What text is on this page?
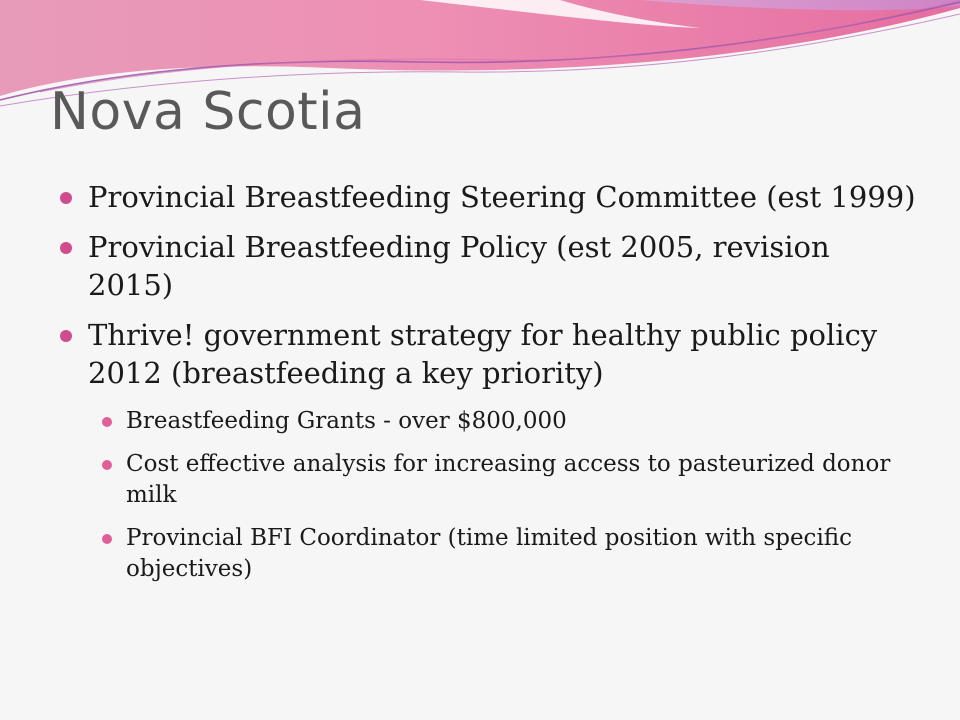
Nova Scotia
Provincial Breastfeeding Steering Committee (est 1999)
Provincial Breastfeeding Policy (est 2005, revision 2015)
Thrive! government strategy for healthy public policy 2012 (breastfeeding a key priority)
Breastfeeding Grants - over $800,000
Cost effective analysis for increasing access to pasteurized donor milk
Provincial BFI Coordinator (time limited position with specific objectives)
